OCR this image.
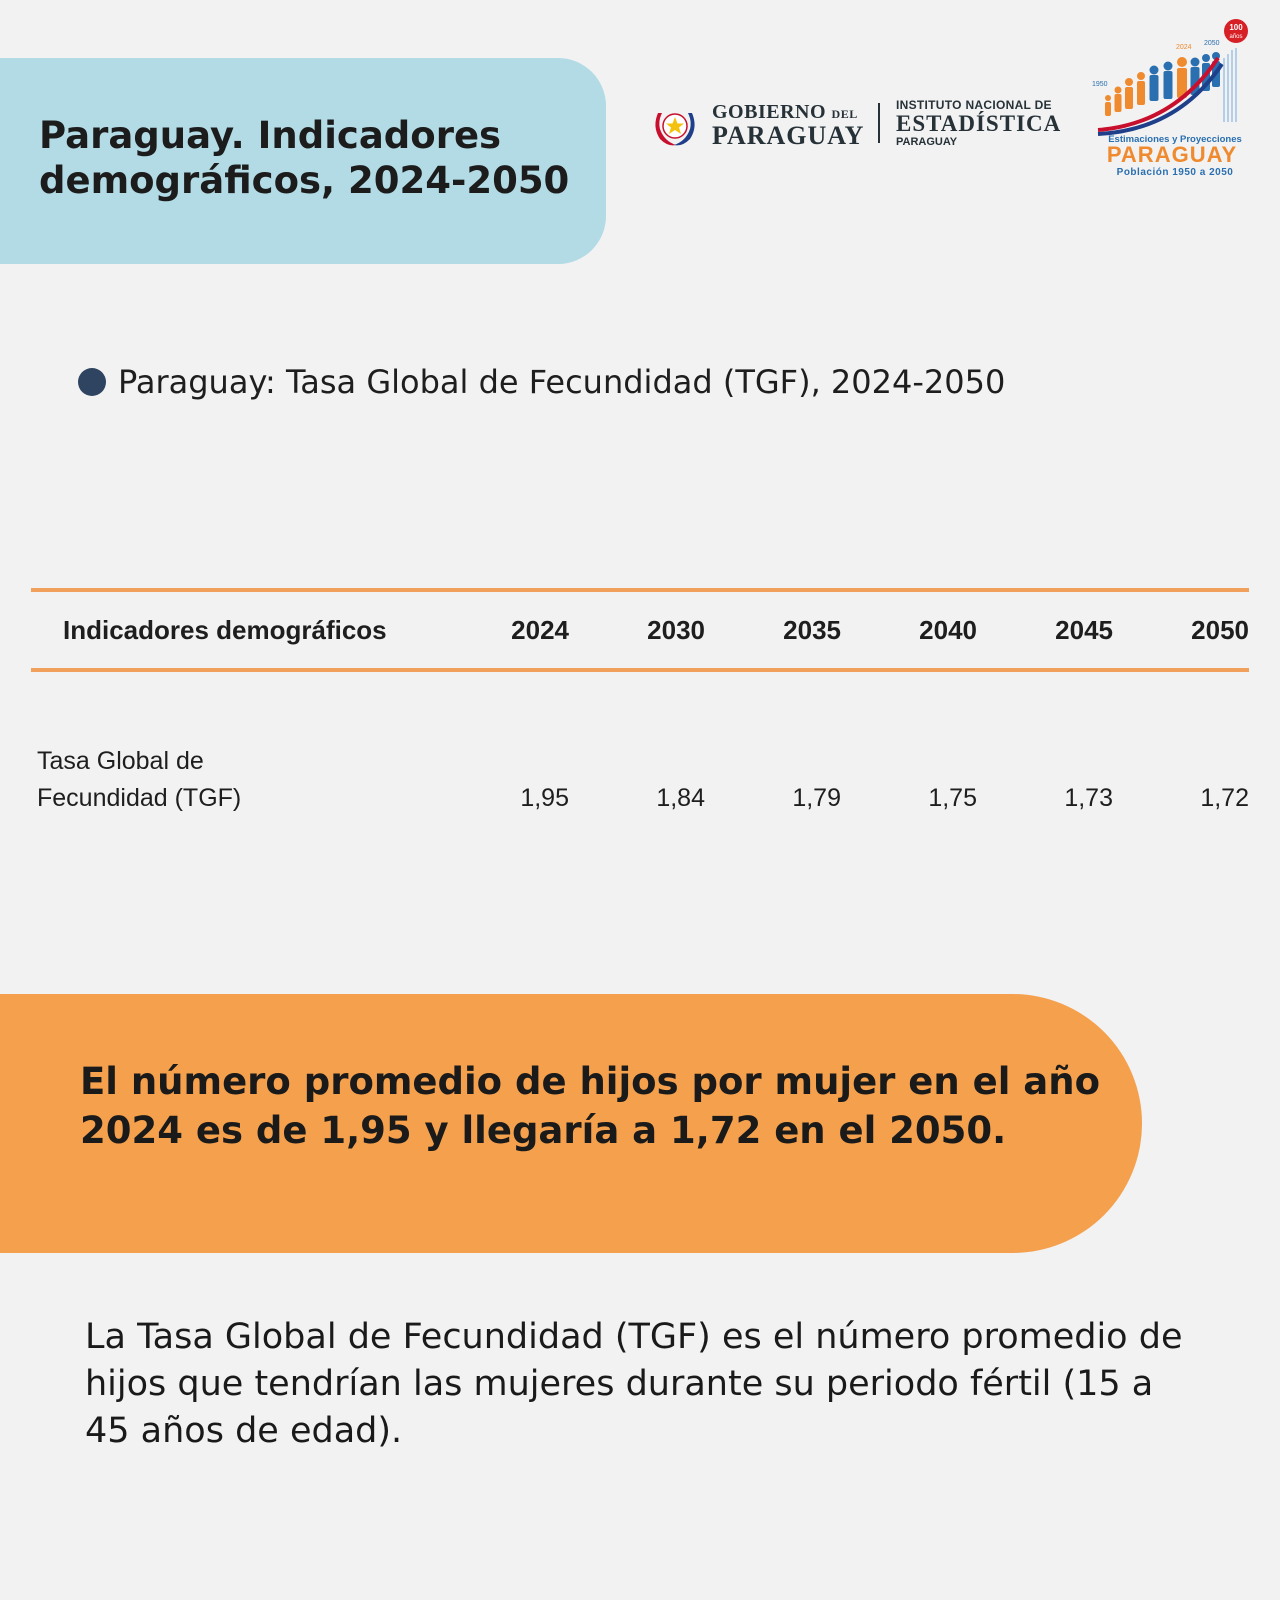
Paraguay. Indicadores demográficos, 2024-2050
GOBIERNO DEL
PARAGUAY
INSTITUTO NACIONAL DE
ESTADÍSTICA
PARAGUAY
100
años
1950
2024
2050
Estimaciones y Proyecciones
PARAGUAY
Población 1950 a 2050
Paraguay: Tasa Global de Fecundidad (TGF), 2024-2050
Indicadores demográficos	2024	2030	2035	2040	2045	2050
Tasa Global de
Fecundidad (TGF)	1,95	1,84	1,79	1,75	1,73	1,72

El número promedio de hijos por mujer en el año 2024 es de 1,95 y llegaría a 1,72 en el 2050.

La Tasa Global de Fecundidad (TGF) es el número promedio de hijos que tendrían las mujeres durante su periodo fértil (15 a 45 años de edad).
